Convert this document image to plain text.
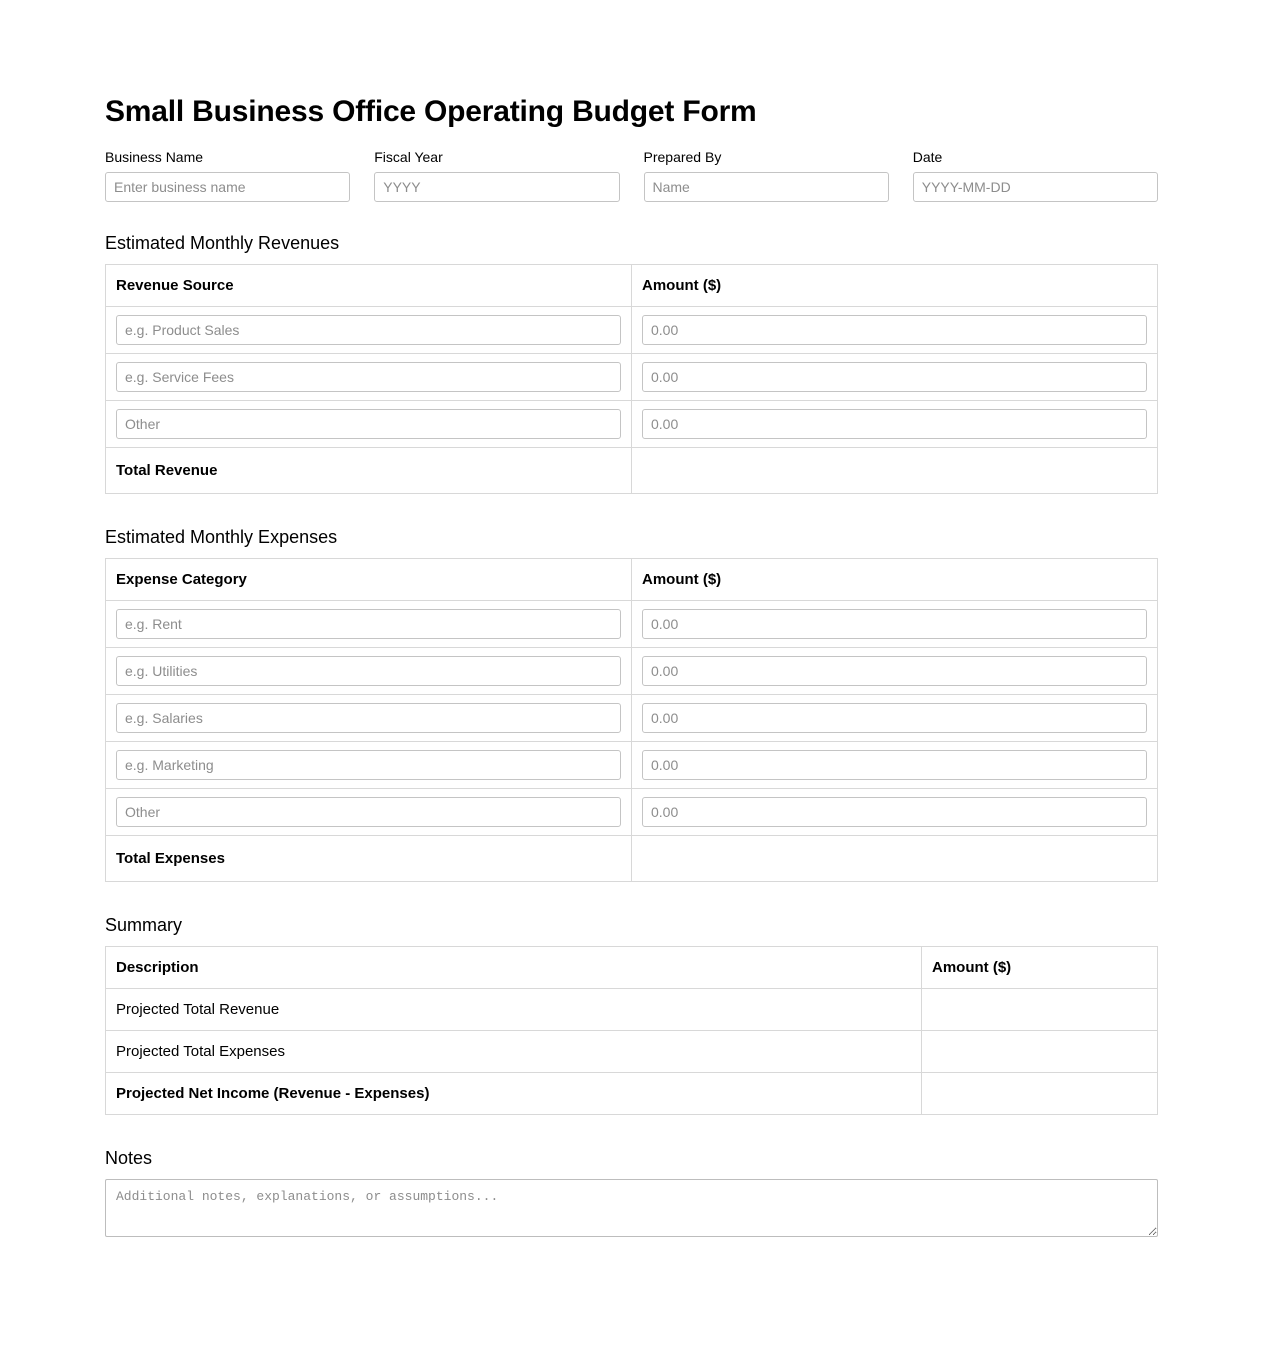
Small Business Office Operating Budget Form
Business Name
Enter business name	Fiscal Year
YYYY	Prepared By
Name	Date
YYYY-MM-DD
Estimated Monthly Revenues
Revenue Source	Amount ($)

e.g. Product Sales	
0.00

e.g. Service Fees	
0.00

Other	
0.00
Total Revenue	
Estimated Monthly Expenses
Expense Category	Amount ($)

e.g. Rent	
0.00

e.g. Utilities	
0.00

e.g. Salaries	
0.00

e.g. Marketing	
0.00

Other	
0.00
Total Expenses	
Summary
Description	Amount ($)
Projected Total Revenue	
Projected Total Expenses	
Projected Net Income (Revenue - Expenses)	
Notes
Additional notes, explanations, or assumptions...
